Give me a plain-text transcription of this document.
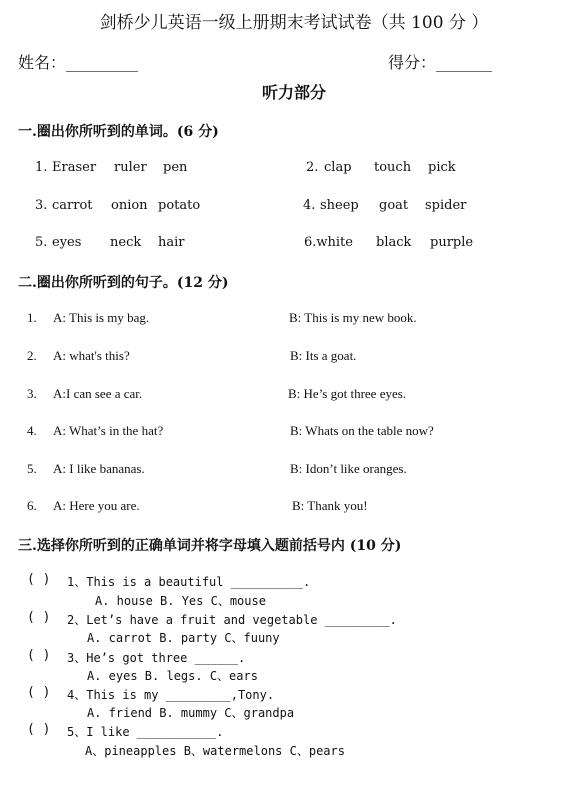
剑桥少儿英语一级上册期末考试试卷（共 100 分 ）
姓名：_________	得分：_______
听力部分
一.圈出你所听到的单词。(6 分)
1. Eraser ruler pen	2. clap touch pick
3. carrot onion potato	4. sheep goat spider
5. eyes neck hair	6.white black purple
二.圈出你所听到的句子。(12 分)
1. A: This is my bag.	B: This is my new book.
2. A: what's this?	B: Its a goat.
3. A:I can see a car.	B: He’s got three eyes.
4. A: What’s in the hat?	B: Whats on the table now?
5. A: I like bananas.	B: Idon’t like oranges.
6. A: Here you are.	B: Thank you!
三.选择你所听到的正确单词并将字母填入题前括号内 (10 分)
( ) 1、This is a beautiful __________.
A. house B. Yes C、mouse
( ) 2、Let’s have a fruit and vegetable _________.
A. carrot B. party C、fuuny
( ) 3、He’s got three ______.
A. eyes B. legs. C、ears
( ) 4、This is my _________,Tony.
A. friend B. mummy C、grandpa
( ) 5、I like ___________.
A、pineapples B、watermelons C、pears
